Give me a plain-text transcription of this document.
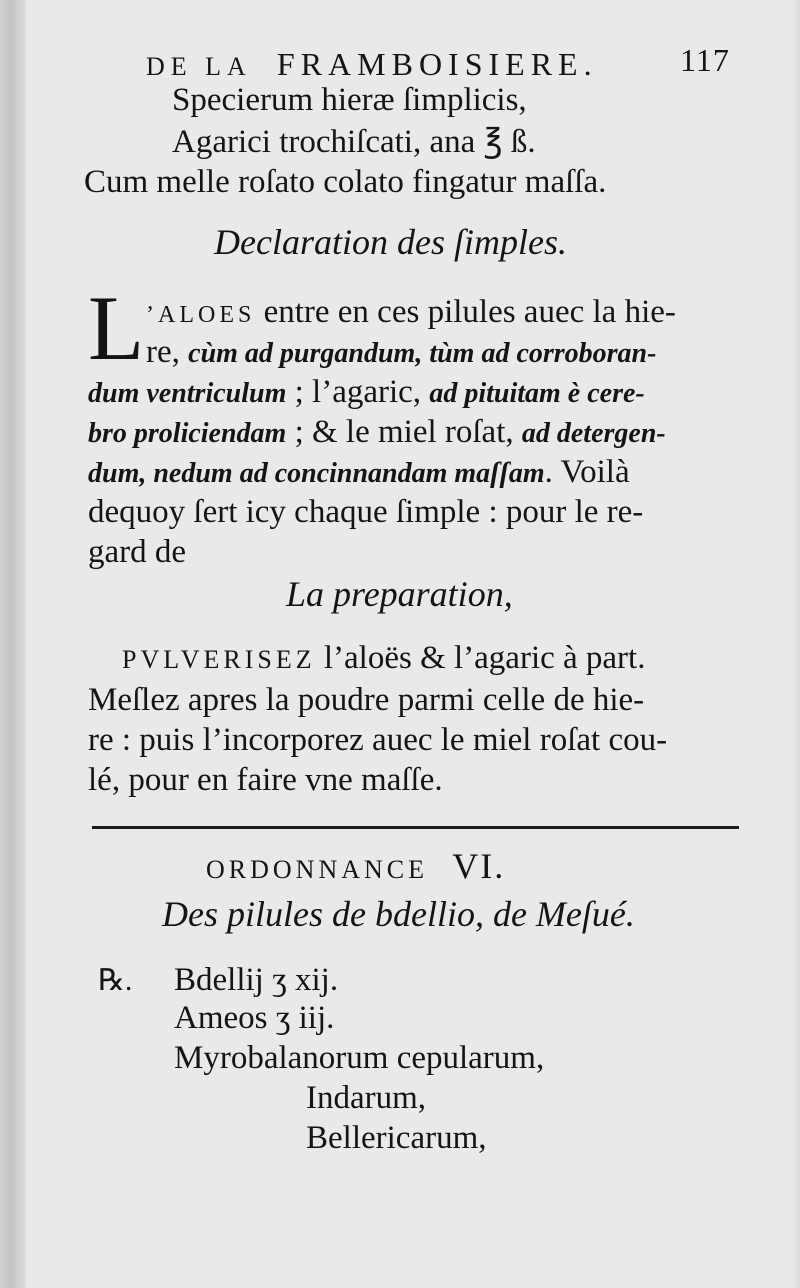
DE LA FRAMBOISIERE.	117
Specierum hieræ ſimplicis,
Agarici trochiſcati, ana ℥ ß.
Cum melle roſato colato fingatur maſſa.
Declaration des ſimples.
L ’ALOES entre en ces pilules auec la hie-
re, cùm ad purgandum, tùm ad corroboran-
dum ventriculum ; l’agaric, ad pituitam è cere-
bro proliciendam ; & le miel roſat, ad detergen-
dum, nedum ad concinnandam maſſam. Voilà
dequoy ſert icy chaque ſimple : pour le re-
gard de
La preparation,
PVLVERISEZ l’aloës & l’agaric à part.
Meſlez apres la poudre parmi celle de hie-
re : puis l’incorporez auec le miel roſat cou-
lé, pour en faire vne maſſe.
ORDONNANCE VI.
Des pilules de bdellio, de Meſué.
℞. Bdellij ʒ xij.
Ameos ʒ iij.
Myrobalanorum cepularum,
Indarum,
Bellericarum,
